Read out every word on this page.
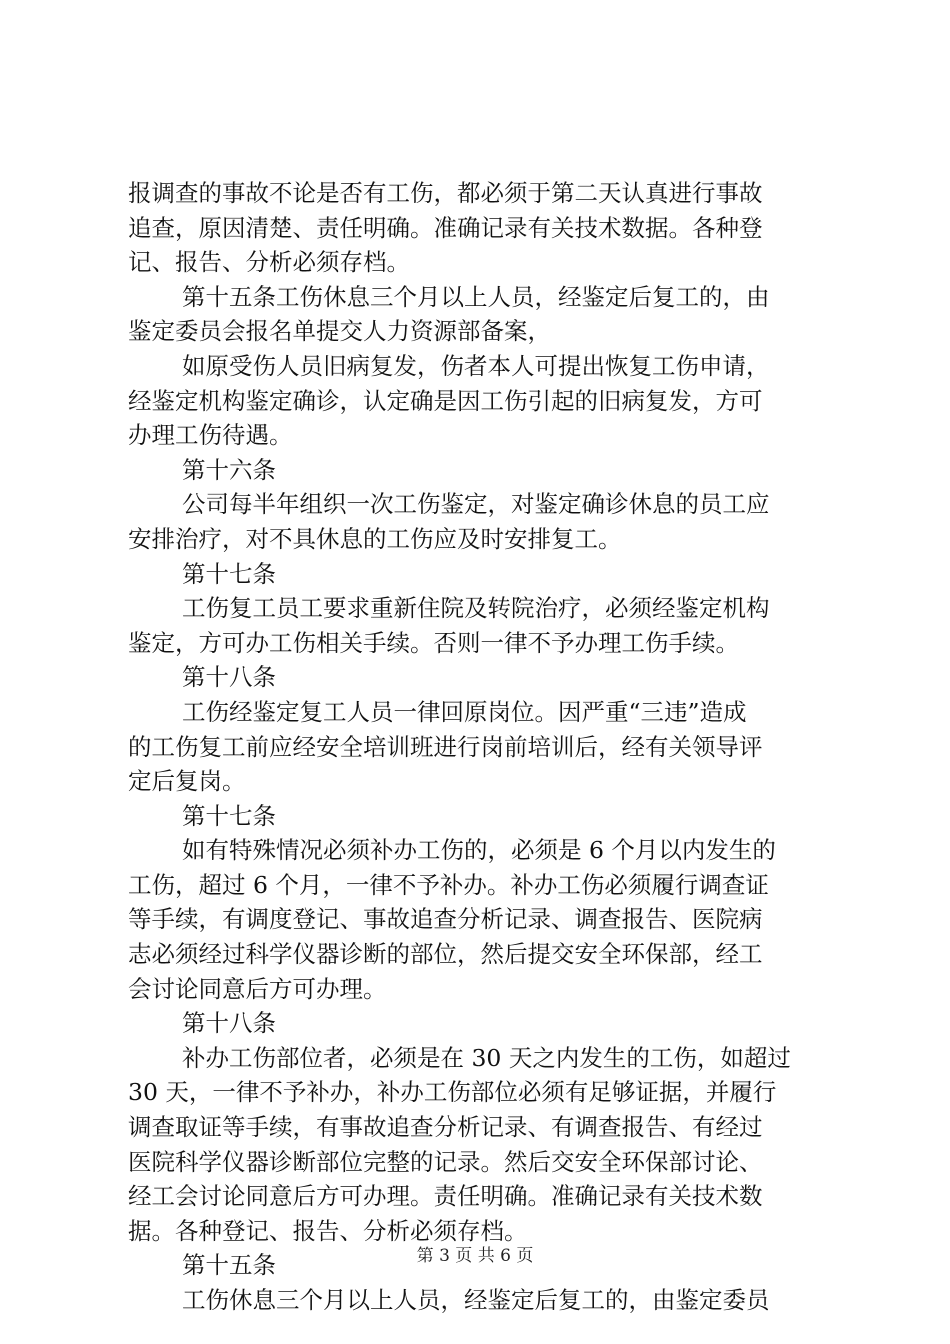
报调查的事故不论是否有工伤，都必须于第二天认真进行事故
追查，原因清楚、责任明确。准确记录有关技术数据。各种登
记、报告、分析必须存档。
第十五条工伤休息三个月以上人员，经鉴定后复工的，由
鉴定委员会报名单提交人力资源部备案，
如原受伤人员旧病复发，伤者本人可提出恢复工伤申请，
经鉴定机构鉴定确诊，认定确是因工伤引起的旧病复发，方可
办理工伤待遇。
第十六条
公司每半年组织一次工伤鉴定，对鉴定确诊休息的员工应
安排治疗，对不具休息的工伤应及时安排复工。
第十七条
工伤复工员工要求重新住院及转院治疗，必须经鉴定机构
鉴定，方可办工伤相关手续。否则一律不予办理工伤手续。
第十八条
工伤经鉴定复工人员一律回原岗位。因严重“三违”造成
的工伤复工前应经安全培训班进行岗前培训后，经有关领导评
定后复岗。
第十七条
如有特殊情况必须补办工伤的，必须是 6 个月以内发生的
工伤，超过 6 个月，一律不予补办。补办工伤必须履行调查证
等手续，有调度登记、事故追查分析记录、调查报告、医院病
志必须经过科学仪器诊断的部位，然后提交安全环保部，经工
会讨论同意后方可办理。
第十八条
补办工伤部位者，必须是在 30 天之内发生的工伤，如超过
30 天，一律不予补办，补办工伤部位必须有足够证据，并履行
调查取证等手续，有事故追查分析记录、有调查报告、有经过
医院科学仪器诊断部位完整的记录。然后交安全环保部讨论、
经工会讨论同意后方可办理。责任明确。准确记录有关技术数
据。各种登记、报告、分析必须存档。
第十五条
工伤休息三个月以上人员，经鉴定后复工的，由鉴定委员
第 3 页 共 6 页
